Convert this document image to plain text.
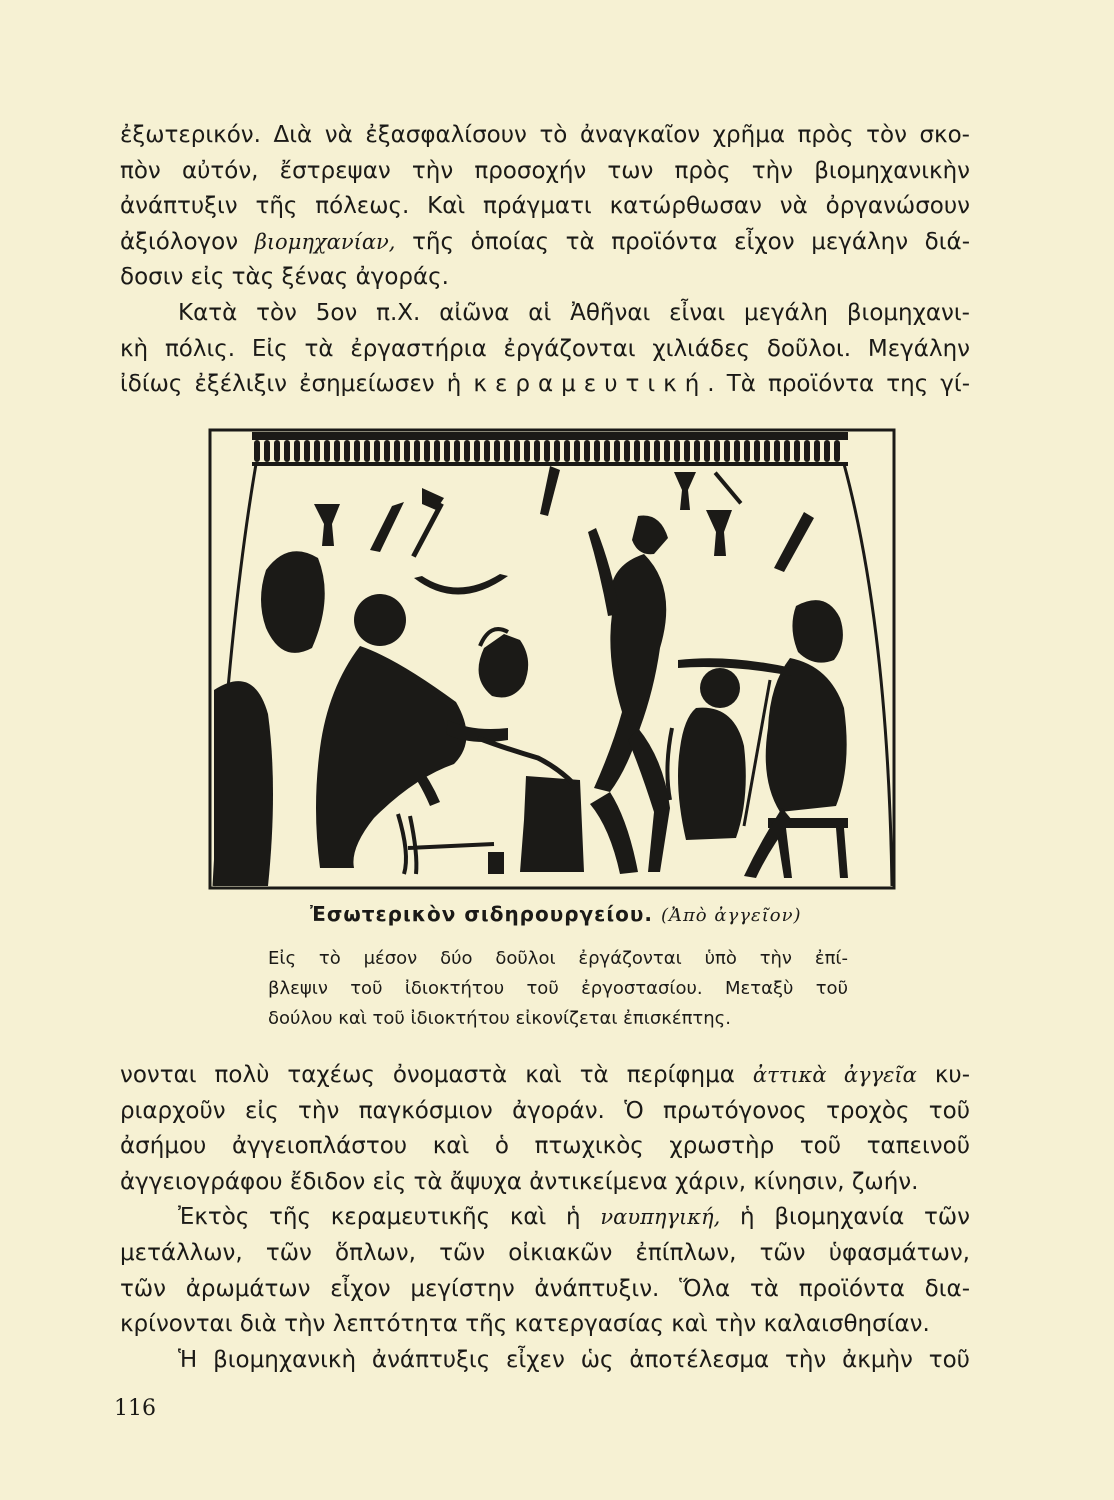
ἐξωτερικόν. Διὰ νὰ ἐξασφαλίσουν τὸ ἀναγκαῖον χρῆμα πρὸς τὸν σκο-
πὸν αὐτόν, ἔστρεψαν τὴν προσοχήν των πρὸς τὴν βιομηχανικὴν
ἀνάπτυξιν τῆς πόλεως. Καὶ πράγματι κατώρθωσαν νὰ ὀργανώσουν
ἀξιόλογον βιομηχανίαν, τῆς ὁποίας τὰ προϊόντα εἶχον μεγάλην διά-
δοσιν εἰς τὰς ξένας ἀγοράς.
Κατὰ τὸν 5ον π.Χ. αἰῶνα αἱ Ἀθῆναι εἶναι μεγάλη βιομηχανι-
κὴ πόλις. Εἰς τὰ ἐργαστήρια ἐργάζονται χιλιάδες δοῦλοι. Μεγάλην
ἰδίως ἐξέλιξιν ἐσημείωσεν ἡ κεραμευτική. Τὰ προϊόντα της γί-
Ἐσωτερικὸν σιδηρουργείου. (Ἀπὸ ἀγγεῖον)
Εἰς τὸ μέσον δύο δοῦλοι ἐργάζονται ὑπὸ τὴν ἐπί-
βλεψιν τοῦ ἰδιοκτήτου τοῦ ἐργοστασίου. Μεταξὺ τοῦ
δούλου καὶ τοῦ ἰδιοκτήτου εἰκονίζεται ἐπισκέπτης.
νονται πολὺ ταχέως ὀνομαστὰ καὶ τὰ περίφημα ἀττικὰ ἀγγεῖα κυ-
ριαρχοῦν εἰς τὴν παγκόσμιον ἀγοράν. Ὁ πρωτόγονος τροχὸς τοῦ
ἀσήμου ἀγγειοπλάστου καὶ ὁ πτωχικὸς χρωστὴρ τοῦ ταπεινοῦ
ἀγγειογράφου ἔδιδον εἰς τὰ ἄψυχα ἀντικείμενα χάριν, κίνησιν, ζωήν.
Ἐκτὸς τῆς κεραμευτικῆς καὶ ἡ ναυπηγική, ἡ βιομηχανία τῶν
μετάλλων, τῶν ὅπλων, τῶν οἰκιακῶν ἐπίπλων, τῶν ὑφασμάτων,
τῶν ἀρωμάτων εἶχον μεγίστην ἀνάπτυξιν. Ὅλα τὰ προϊόντα δια-
κρίνονται διὰ τὴν λεπτότητα τῆς κατεργασίας καὶ τὴν καλαισθησίαν.
Ἡ βιομηχανικὴ ἀνάπτυξις εἶχεν ὡς ἀποτέλεσμα τὴν ἀκμὴν τοῦ
116
